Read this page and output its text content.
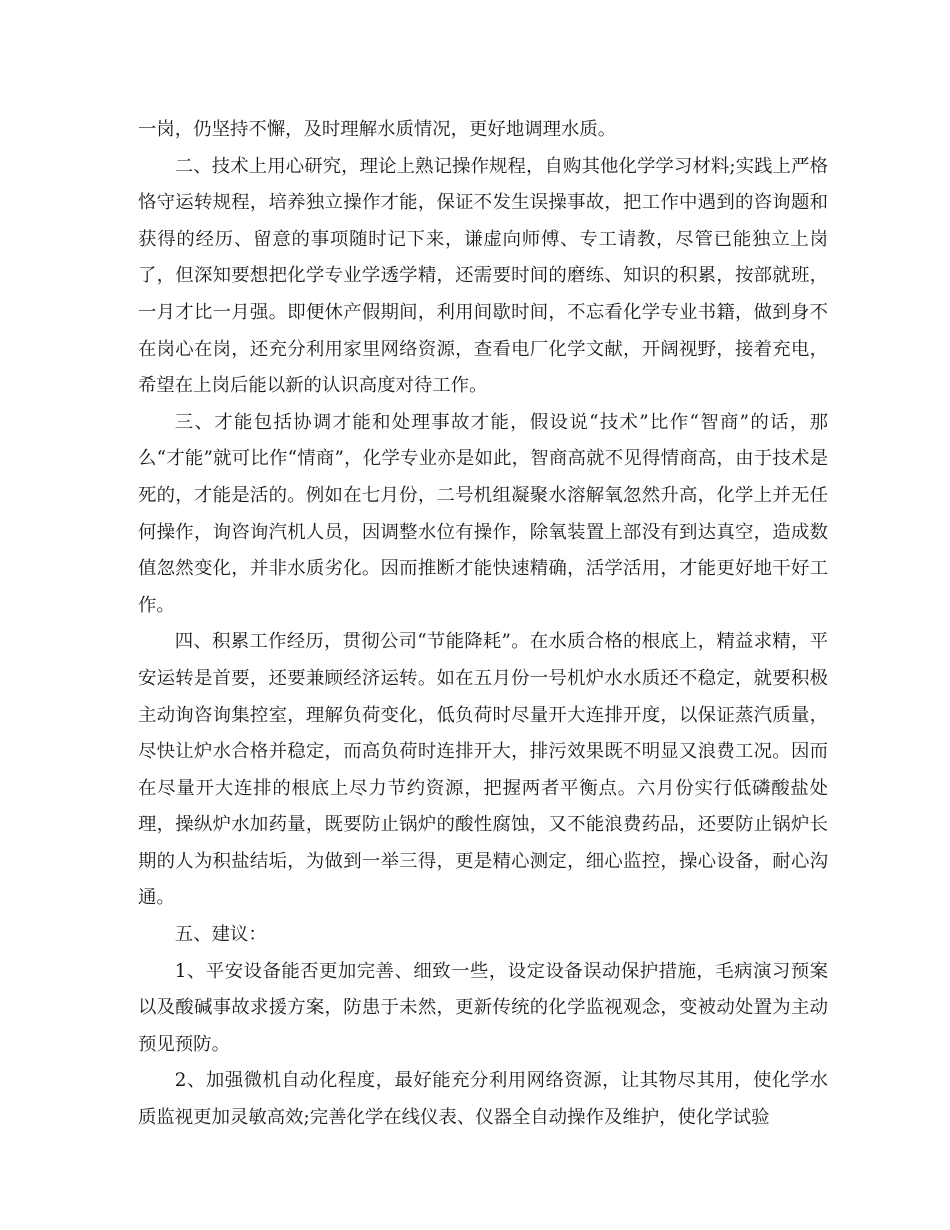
一岗，仍坚持不懈，及时理解水质情况，更好地调理水质。

二、技术上用心研究，理论上熟记操作规程，自购其他化学学习材料;实践上严格恪守运转规程，培养独立操作才能，保证不发生误操事故，把工作中遇到的咨询题和获得的经历、留意的事项随时记下来，谦虚向师傅、专工请教，尽管已能独立上岗了，但深知要想把化学专业学透学精，还需要时间的磨练、知识的积累，按部就班，一月才比一月强。即便休产假期间，利用间歇时间，不忘看化学专业书籍，做到身不在岗心在岗，还充分利用家里网络资源，查看电厂化学文献，开阔视野，接着充电，希望在上岗后能以新的认识高度对待工作。

三、才能包括协调才能和处理事故才能，假设说“技术”比作“智商”的话，那么“才能”就可比作“情商”，化学专业亦是如此，智商高就不见得情商高，由于技术是死的，才能是活的。例如在七月份，二号机组凝聚水溶解氧忽然升高，化学上并无任何操作，询咨询汽机人员，因调整水位有操作，除氧装置上部没有到达真空，造成数值忽然变化，并非水质劣化。因而推断才能快速精确，活学活用，才能更好地干好工作。

四、积累工作经历，贯彻公司“节能降耗”。在水质合格的根底上，精益求精，平安运转是首要，还要兼顾经济运转。如在五月份一号机炉水水质还不稳定，就要积极主动询咨询集控室，理解负荷变化，低负荷时尽量开大连排开度，以保证蒸汽质量，尽快让炉水合格并稳定，而高负荷时连排开大，排污效果既不明显又浪费工况。因而在尽量开大连排的根底上尽力节约资源，把握两者平衡点。六月份实行低磷酸盐处理，操纵炉水加药量，既要防止锅炉的酸性腐蚀，又不能浪费药品，还要防止锅炉长期的人为积盐结垢，为做到一举三得，更是精心测定，细心监控，操心设备，耐心沟通。

五、建议：

1、平安设备能否更加完善、细致一些，设定设备误动保护措施，毛病演习预案以及酸碱事故求援方案，防患于未然，更新传统的化学监视观念，变被动处置为主动预见预防。

2、加强微机自动化程度，最好能充分利用网络资源，让其物尽其用，使化学水质监视更加灵敏高效;完善化学在线仪表、仪器全自动操作及维护，使化学试验
